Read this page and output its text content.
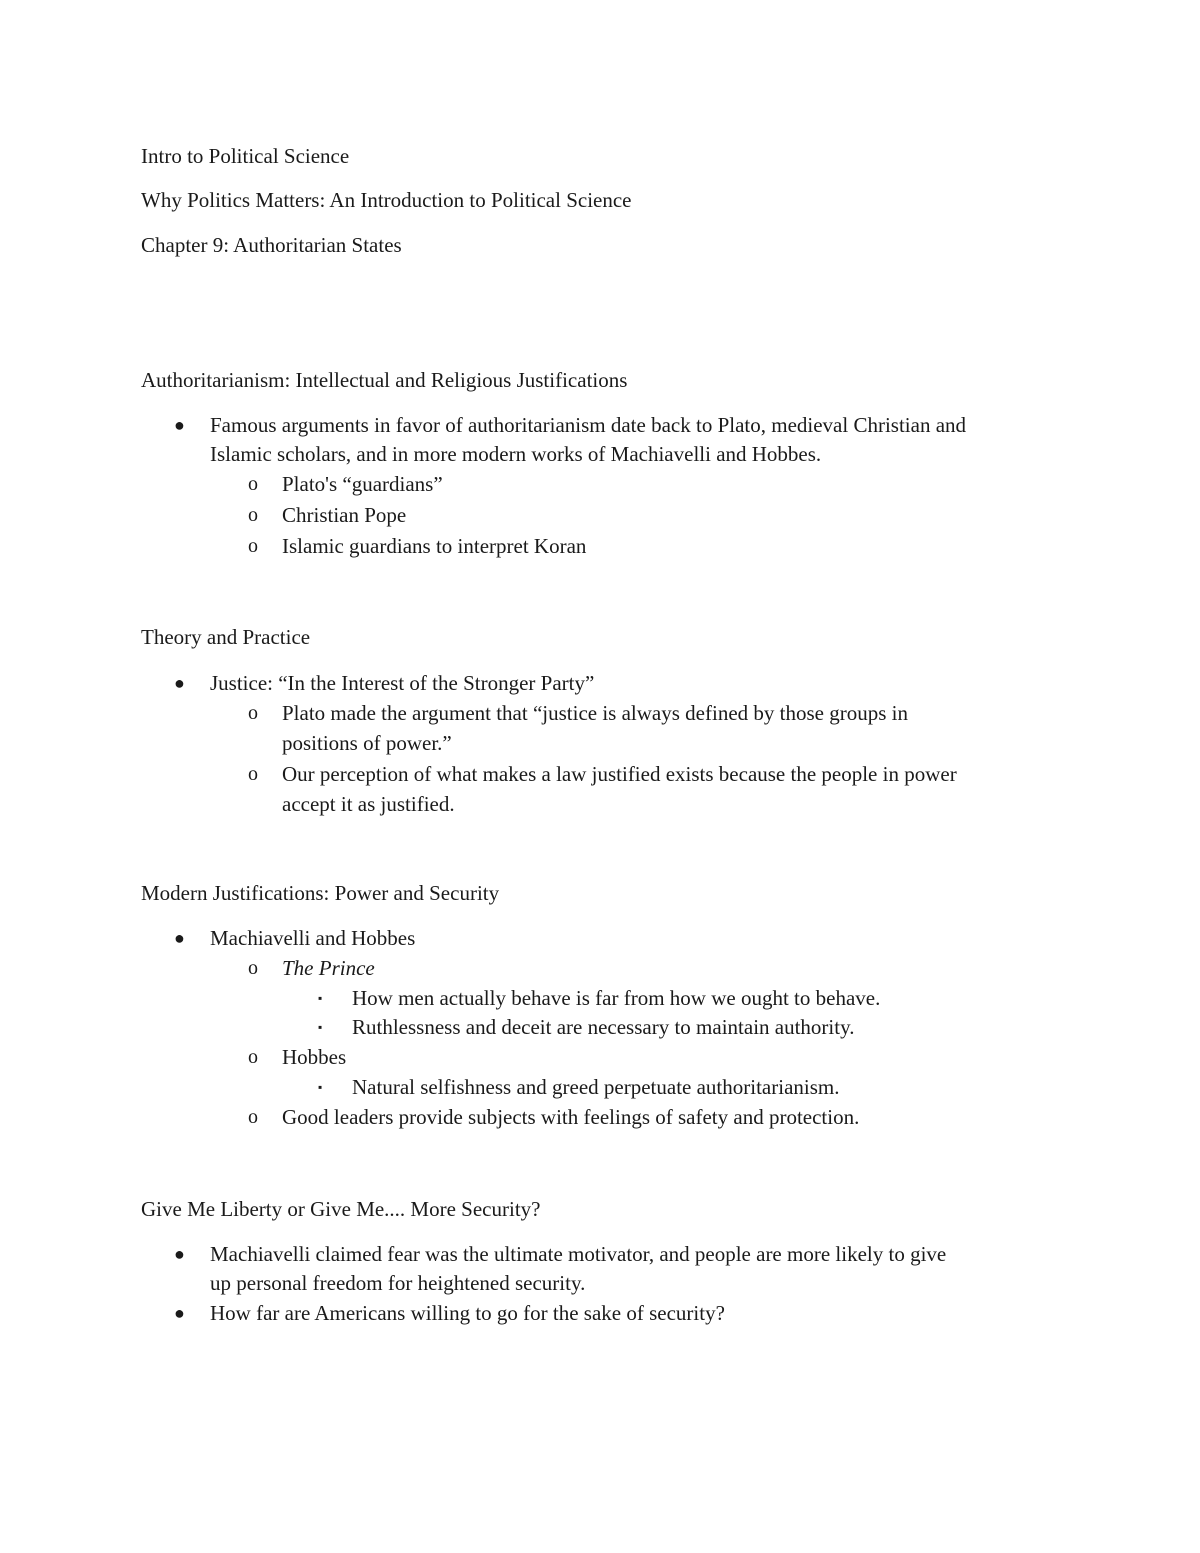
Intro to Political Science
Why Politics Matters: An Introduction to Political Science
Chapter 9: Authoritarian States
Authoritarianism: Intellectual and Religious Justifications
● Famous arguments in favor of authoritarianism date back to Plato, medieval Christian and
Islamic scholars, and in more modern works of Machiavelli and Hobbes.
o Plato's “guardians”
o Christian Pope
o Islamic guardians to interpret Koran
Theory and Practice
● Justice: “In the Interest of the Stronger Party”
o Plato made the argument that “justice is always defined by those groups in
positions of power.”
o Our perception of what makes a law justified exists because the people in power
accept it as justified.
Modern Justifications: Power and Security
● Machiavelli and Hobbes
o The Prince
▪ How men actually behave is far from how we ought to behave.
▪ Ruthlessness and deceit are necessary to maintain authority.
o Hobbes
▪ Natural selfishness and greed perpetuate authoritarianism.
o Good leaders provide subjects with feelings of safety and protection.
Give Me Liberty or Give Me.... More Security?
● Machiavelli claimed fear was the ultimate motivator, and people are more likely to give
up personal freedom for heightened security.
● How far are Americans willing to go for the sake of security?
